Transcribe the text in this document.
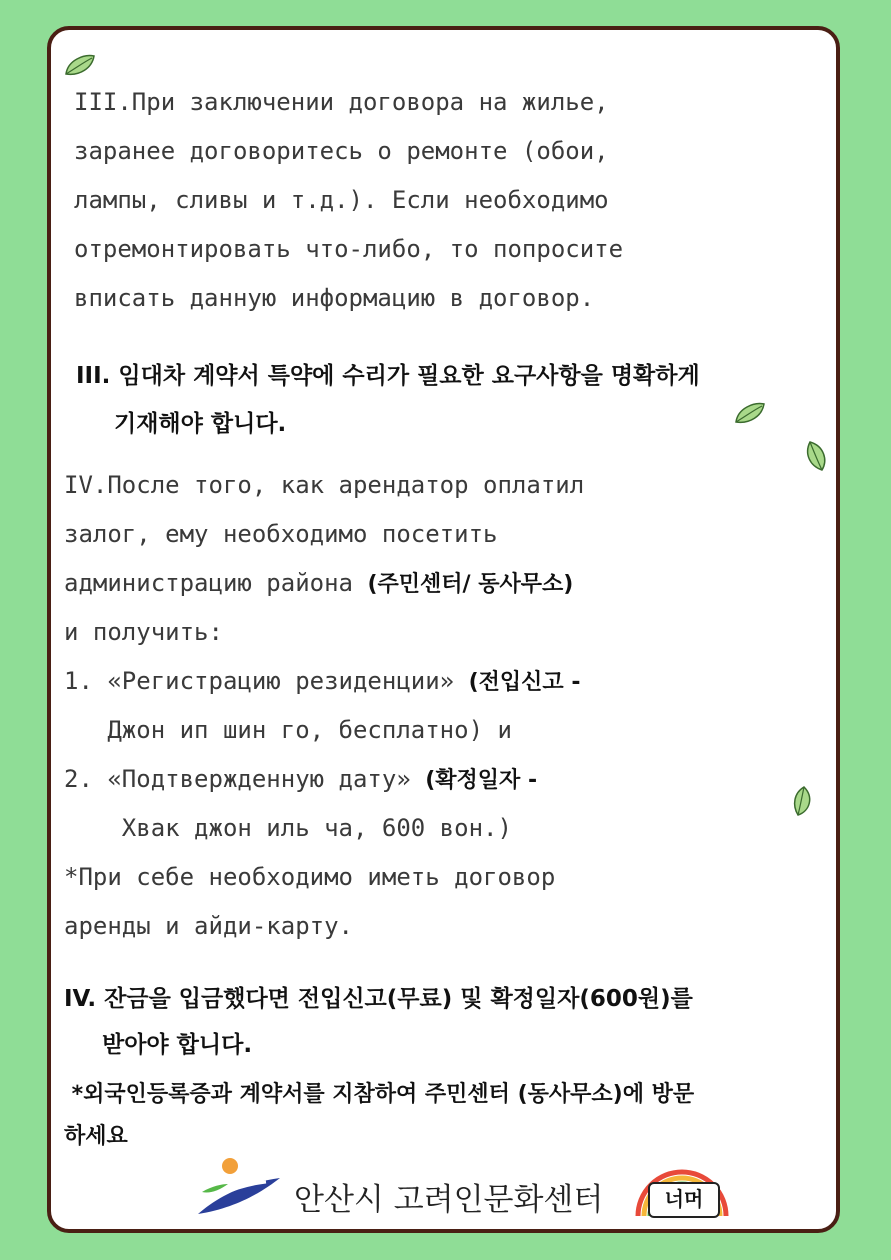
III.При заключении договора на жилье,
заранее договоритесь о ремонте (обои,
лампы, сливы и т.д.). Если необходимо
отремонтировать что-либо, то попросите
вписать данную информацию в договор.
III. 임대차 계약서 특약에 수리가 필요한 요구사항을 명확하게
기재해야 합니다.
IV.После того, как арендатор оплатил
залог, ему необходимо посетить
администрацию района (주민센터/ 동사무소)
и получить:
1. «Регистрацию резиденции» (전입신고 -
Джон ип шин го, бесплатно) и
2. «Подтвержденную дату» (확정일자 -
Хвак джон иль ча, 600 вон.)
*При себе необходимо иметь договор
аренды и айди-карту.
IV. 잔금을 입금했다면 전입신고(무료) 및 확정일자(600원)를
받아야 합니다.
*외국인등록증과 계약서를 지참하여 주민센터 (동사무소)에 방문
하세요
안산시 고려인문화센터	너머
